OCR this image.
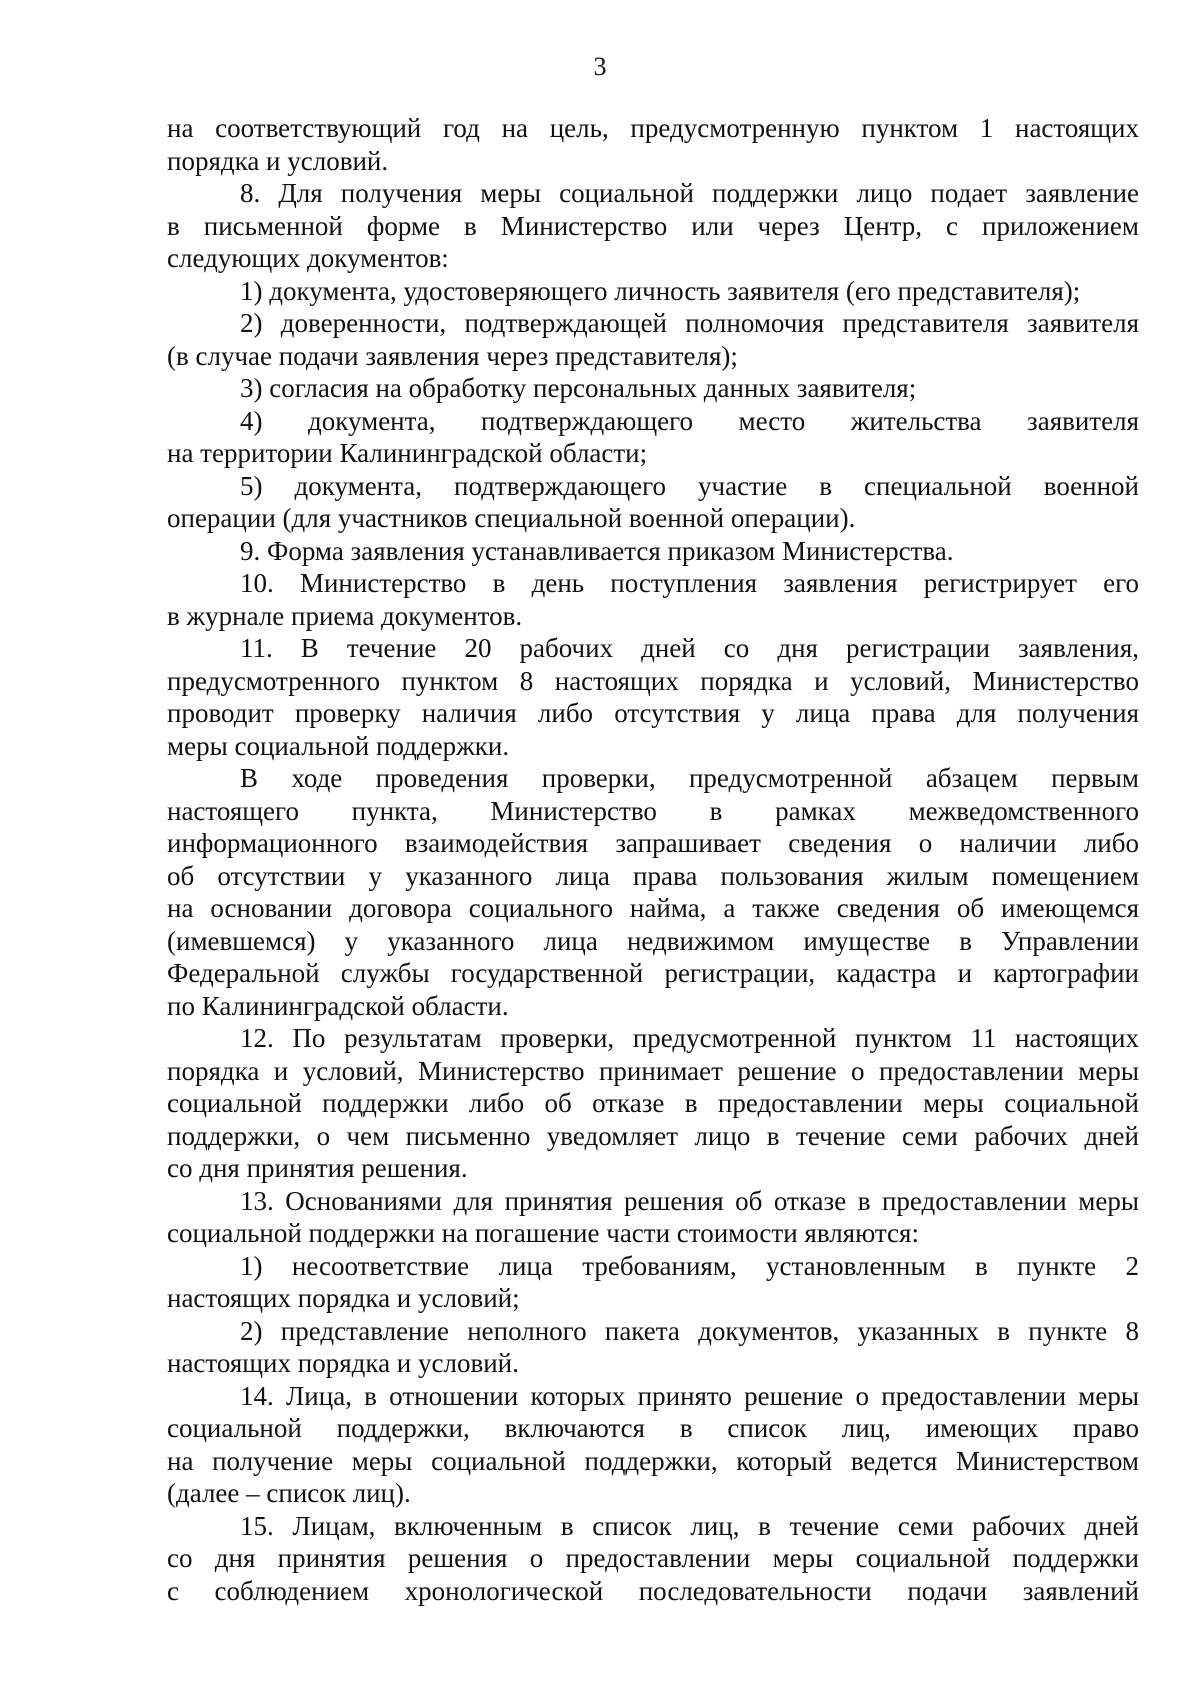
3
на соответствующий год на цель, предусмотренную пунктом 1 настоящих
порядка и условий.
8. Для получения меры социальной поддержки лицо подает заявление
в письменной форме в Министерство или через Центр, с приложением
следующих документов:
1) документа, удостоверяющего личность заявителя (его представителя);
2) доверенности, подтверждающей полномочия представителя заявителя
(в случае подачи заявления через представителя);
3) согласия на обработку персональных данных заявителя;
4) документа, подтверждающего место жительства заявителя
на территории Калининградской области;
5) документа, подтверждающего участие в специальной военной
операции (для участников специальной военной операции).
9. Форма заявления устанавливается приказом Министерства.
10. Министерство в день поступления заявления регистрирует его
в журнале приема документов.
11. В течение 20 рабочих дней со дня регистрации заявления,
предусмотренного пунктом 8 настоящих порядка и условий, Министерство
проводит проверку наличия либо отсутствия у лица права для получения
меры социальной поддержки.
В ходе проведения проверки, предусмотренной абзацем первым
настоящего пункта, Министерство в рамках межведомственного
информационного взаимодействия запрашивает сведения о наличии либо
об отсутствии у указанного лица права пользования жилым помещением
на основании договора социального найма, а также сведения об имеющемся
(имевшемся) у указанного лица недвижимом имуществе в Управлении
Федеральной службы государственной регистрации, кадастра и картографии
по Калининградской области.
12. По результатам проверки, предусмотренной пунктом 11 настоящих
порядка и условий, Министерство принимает решение о предоставлении меры
социальной поддержки либо об отказе в предоставлении меры социальной
поддержки, о чем письменно уведомляет лицо в течение семи рабочих дней
со дня принятия решения.
13. Основаниями для принятия решения об отказе в предоставлении меры
социальной поддержки на погашение части стоимости являются:
1) несоответствие лица требованиям, установленным в пункте 2
настоящих порядка и условий;
2) представление неполного пакета документов, указанных в пункте 8
настоящих порядка и условий.
14. Лица, в отношении которых принято решение о предоставлении меры
социальной поддержки, включаются в список лиц, имеющих право
на получение меры социальной поддержки, который ведется Министерством
(далее – список лиц).
15. Лицам, включенным в список лиц, в течение семи рабочих дней
со дня принятия решения о предоставлении меры социальной поддержки
с соблюдением хронологической последовательности подачи заявлений
